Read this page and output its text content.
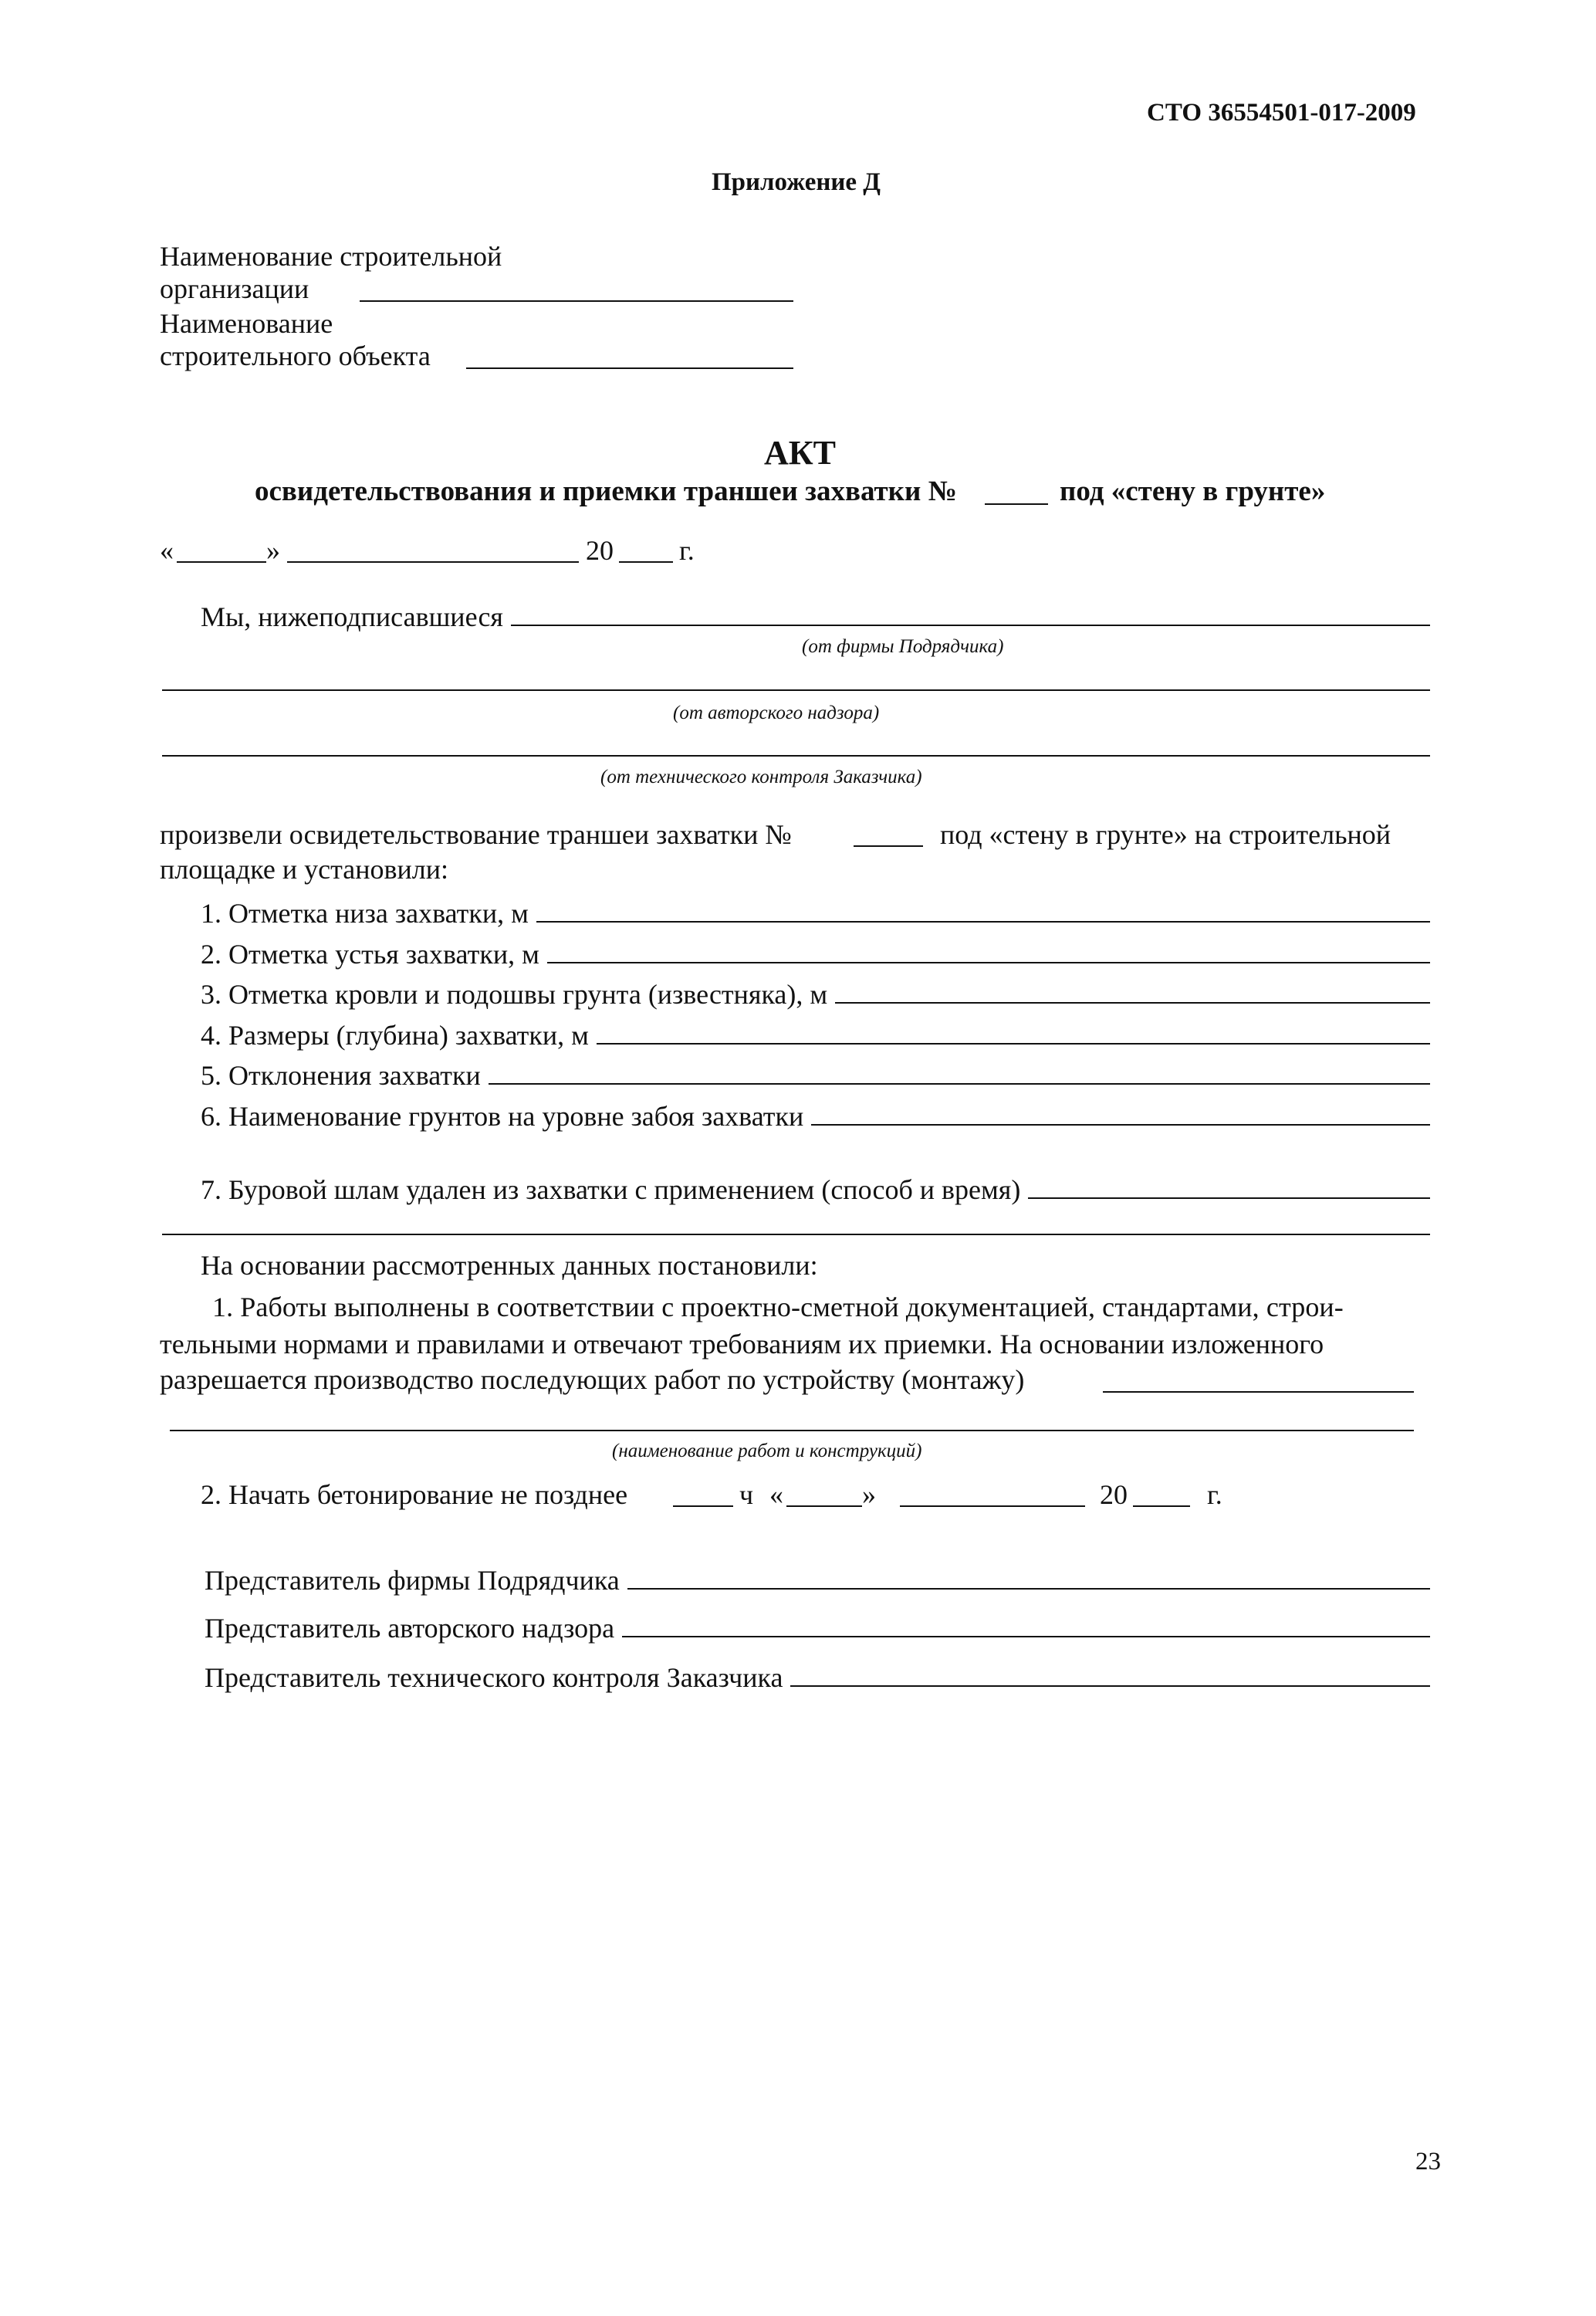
СТО 36554501-017-2009
Приложение Д
Наименование строительной
организации
Наименование
строительного объекта
АКТ
освидетельствования и приемки траншеи захватки №	под «стену в грунте»
«	»	20 г.
Мы, нижеподписавшиеся
(от фирмы Подрядчика)
(от авторского надзора)
(от технического контроля Заказчика)
произвели освидетельствование траншеи захватки №	под «стену в грунте» на строительной
площадке и установили:
1. Отметка низа захватки, м
2. Отметка устья захватки, м
3. Отметка кровли и подошвы грунта (известняка), м
4. Размеры (глубина) захватки, м
5. Отклонения захватки
6. Наименование грунтов на уровне забоя захватки
7. Буровой шлам удален из захватки с применением (способ и время)
На основании рассмотренных данных постановили:
1. Работы выполнены в соответствии с проектно-сметной документацией, стандартами, строи-
тельными нормами и правилами и отвечают требованиям их приемки. На основании изложенного
разрешается производство последующих работ по устройству (монтажу)
(наименование работ и конструкций)
2. Начать бетонирование не позднее	ч «	»	20	г.
Представитель фирмы Подрядчика
Представитель авторского надзора
Представитель технического контроля Заказчика
23
